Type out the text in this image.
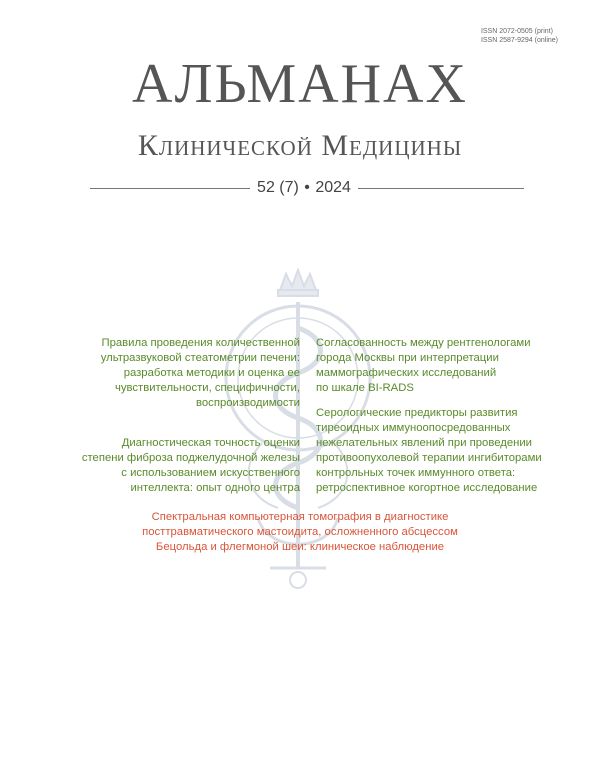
ISSN 2072-0505 (print)
ISSN 2587-9294 (online)
АЛЬМАНАХ
Клинической Медицины
52 (7) • 2024
Правила проведения количественной
ультразвуковой стеатометрии печени:
разработка методики и оценка ее
чувствительности, специфичности,
воспроизводимости
Диагностическая точность оценки
степени фиброза поджелудочной железы
с использованием искусственного
интеллекта: опыт одного центра
Согласованность между рентгенологами
города Москвы при интерпретации
маммографических исследований
по шкале BI-RADS
Серологические предикторы развития
тиреоидных иммуноопосредованных
нежелательных явлений при проведении
противоопухолевой терапии ингибиторами
контрольных точек иммунного ответа:
ретроспективное когортное исследование
Спектральная компьютерная томография в диагностике
посттравматического мастоидита, осложненного абсцессом
Бецольда и флегмоной шеи: клиническое наблюдение
